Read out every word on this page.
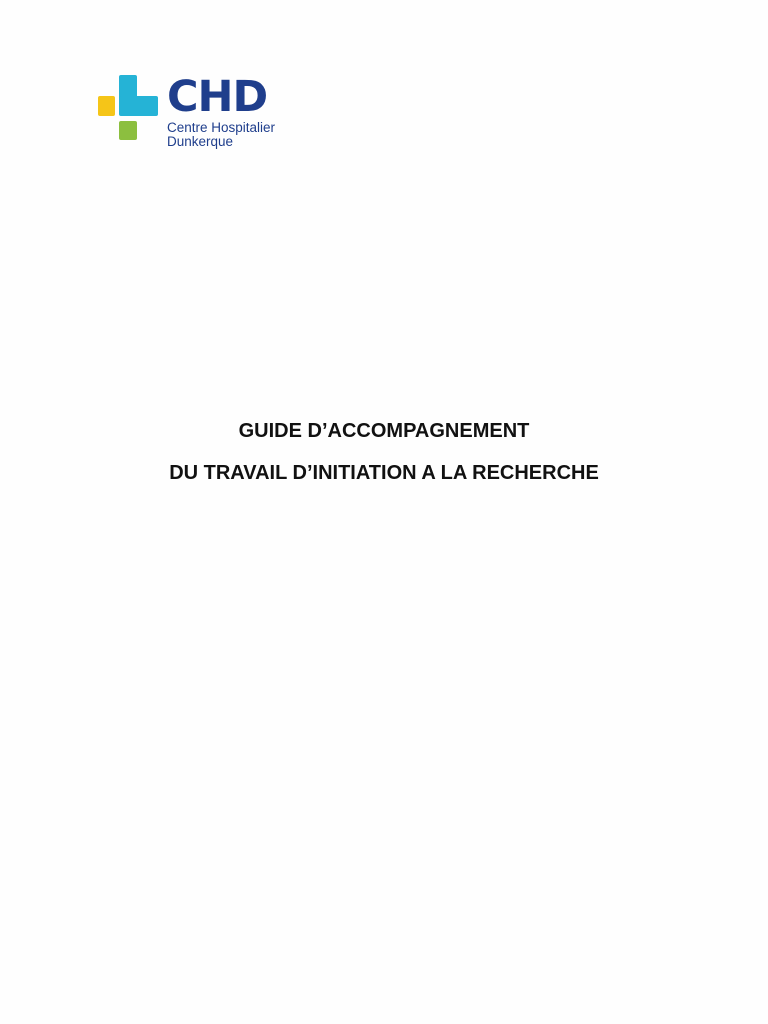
CHD
Centre Hospitalier
Dunkerque
GUIDE D’ACCOMPAGNEMENT
DU TRAVAIL D’INITIATION A LA RECHERCHE
